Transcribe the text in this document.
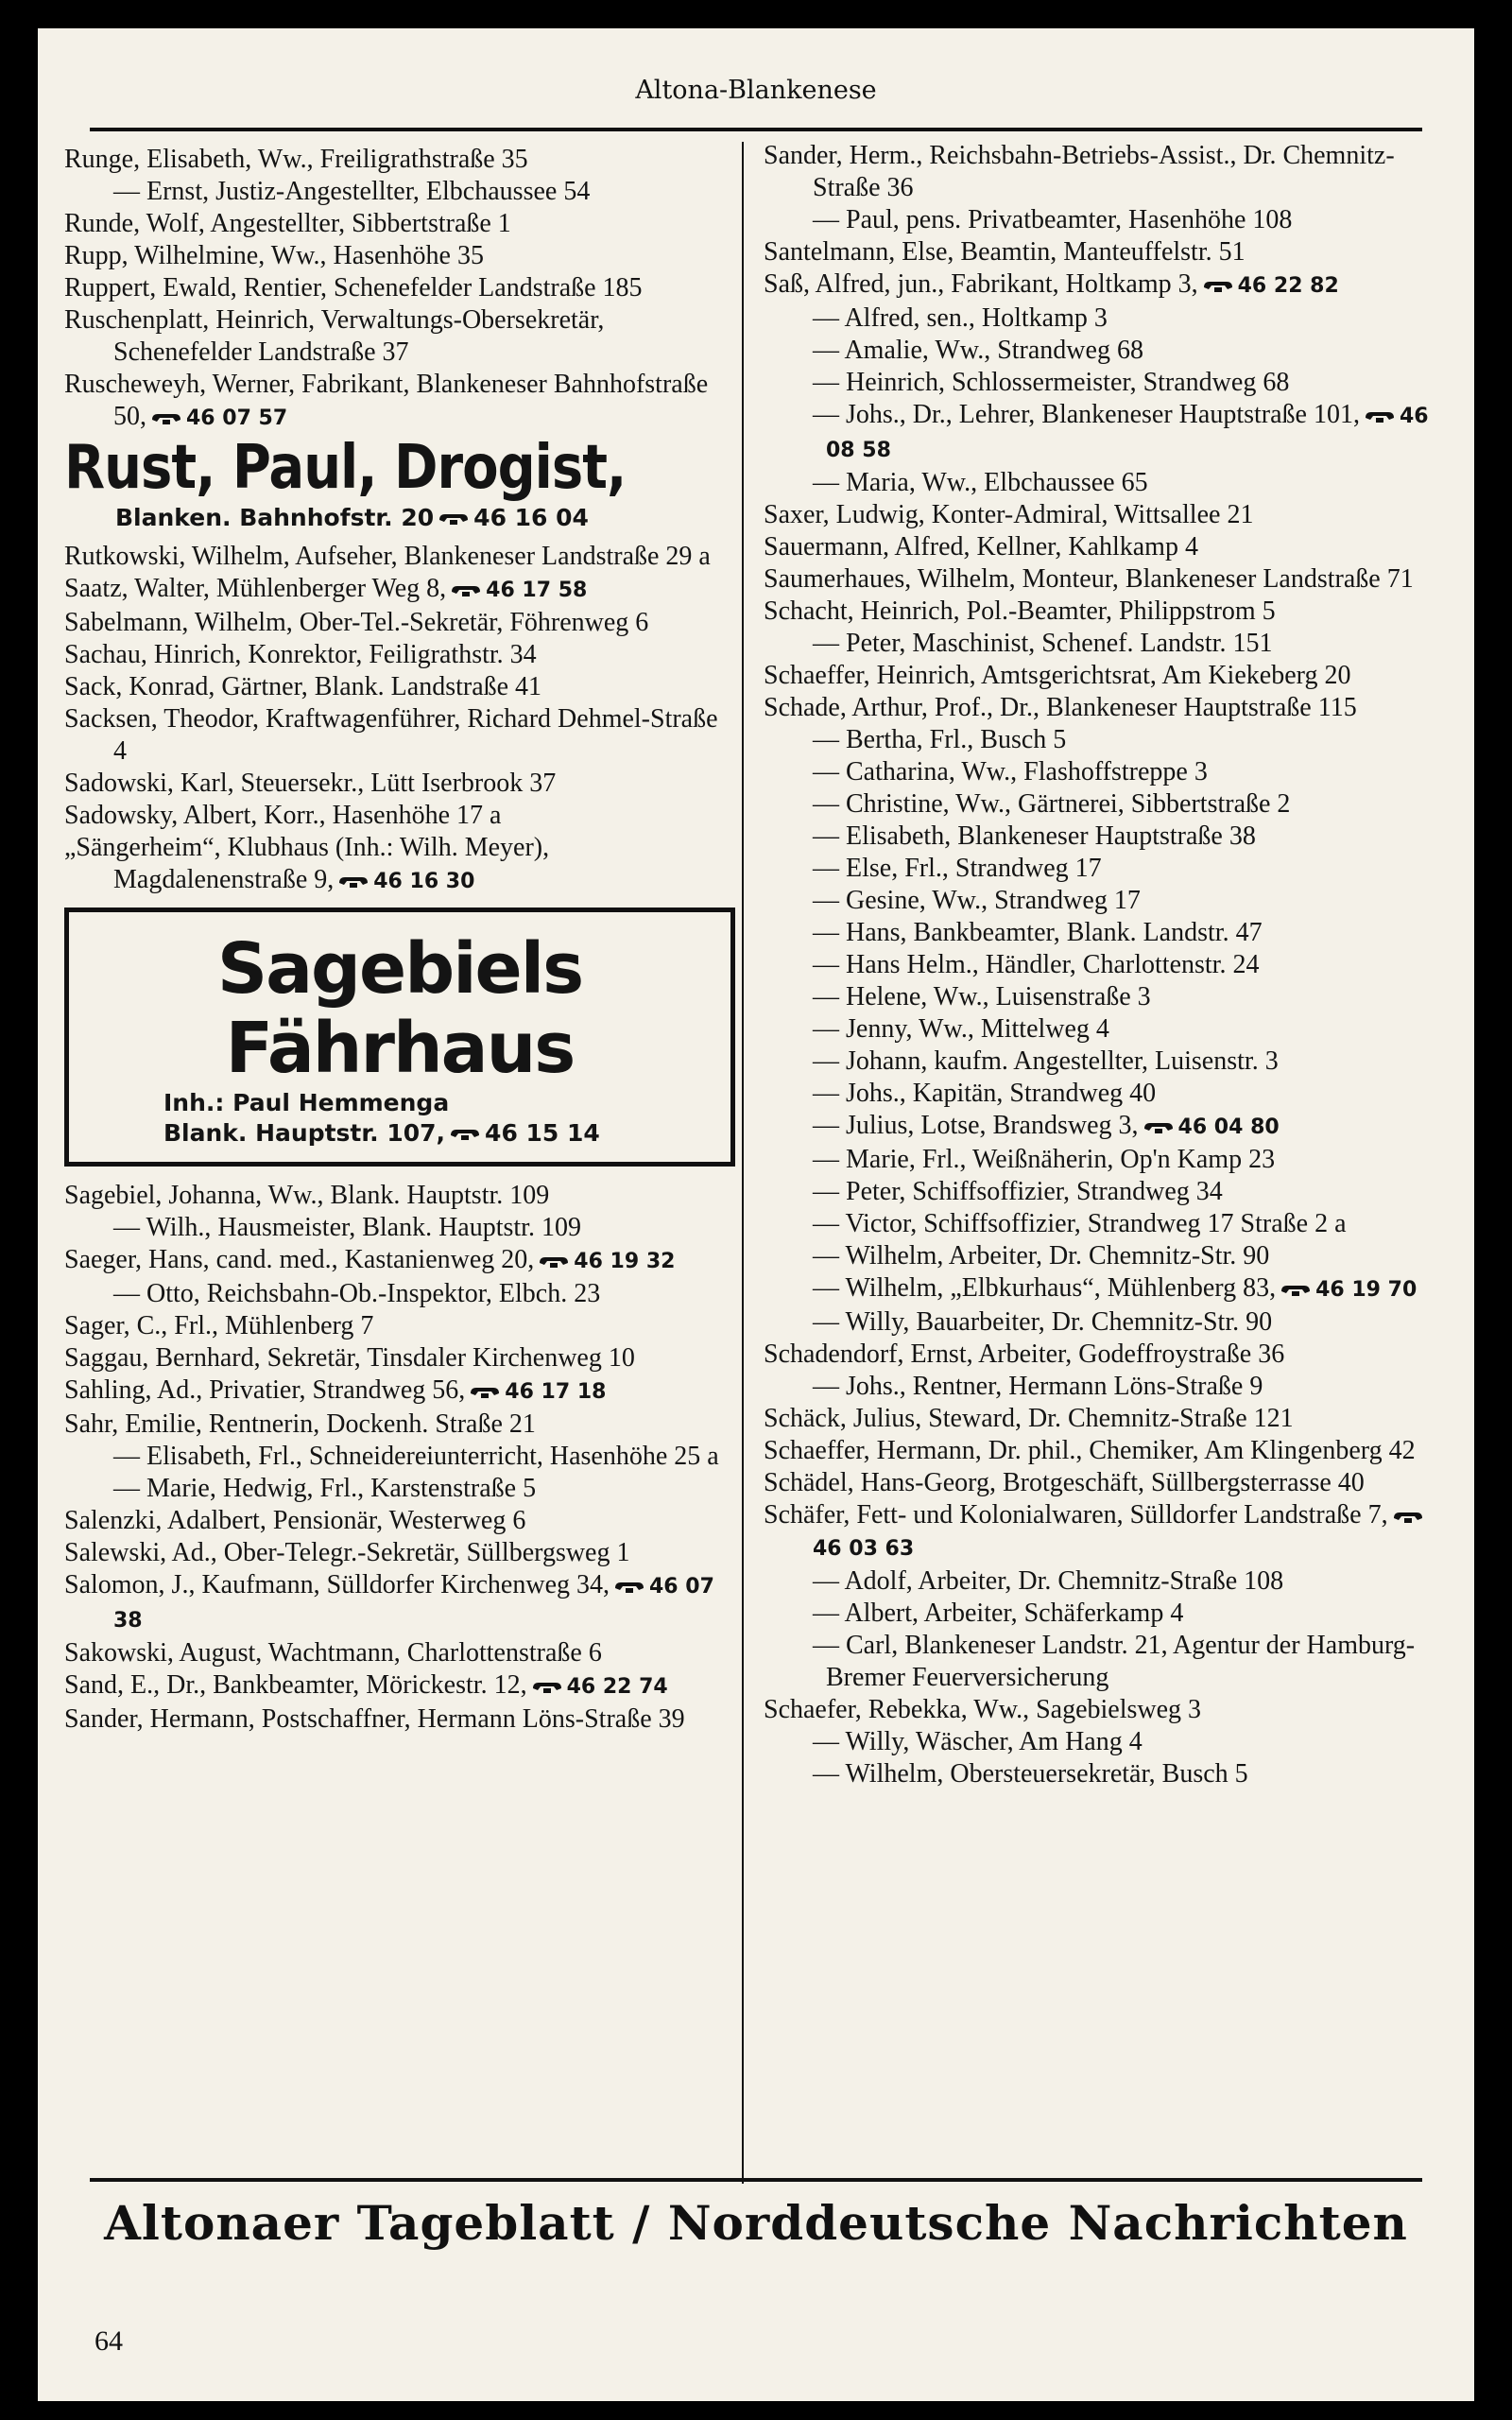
Altona-Blankenese

Runge, Elisabeth, Ww., Freiligrathstraße 35

— Ernst, Justiz-Angestellter, Elbchaussee 54

Runde, Wolf, Angestellter, Sibbertstraße 1

Rupp, Wilhelmine, Ww., Hasenhöhe 35

Ruppert, Ewald, Rentier, Schenefelder Landstraße 185

Ruschenplatt, Heinrich, Verwaltungs-Obersekretär, Schenefelder Landstraße 37

Ruscheweyh, Werner, Fabrikant, Blankeneser Bahnhofstraße 50, 46 07 57

Rust, Paul, Drogist,
Blanken. Bahnhofstr. 20 46 16 04

Rutkowski, Wilhelm, Aufseher, Blankeneser Landstraße 29 a

Saatz, Walter, Mühlenberger Weg 8, 46 17 58

Sabelmann, Wilhelm, Ober-Tel.-Sekretär, Föhrenweg 6

Sachau, Hinrich, Konrektor, Feiligrathstr. 34

Sack, Konrad, Gärtner, Blank. Landstraße 41

Sacksen, Theodor, Kraftwagenführer, Richard Dehmel-Straße 4

Sadowski, Karl, Steuersekr., Lütt Iserbrook 37

Sadowsky, Albert, Korr., Hasenhöhe 17 a

„Sängerheim“, Klubhaus (Inh.: Wilh. Meyer), Magdalenenstraße 9, 46 16 30

Sagebiels Fährhaus
Inh.: Paul Hemmenga
Blank. Hauptstr. 107, 46 15 14

Sagebiel, Johanna, Ww., Blank. Hauptstr. 109

— Wilh., Hausmeister, Blank. Hauptstr. 109

Saeger, Hans, cand. med., Kastanienweg 20, 46 19 32

— Otto, Reichsbahn-Ob.-Inspektor, Elbch. 23

Sager, C., Frl., Mühlenberg 7

Saggau, Bernhard, Sekretär, Tinsdaler Kirchenweg 10

Sahling, Ad., Privatier, Strandweg 56, 46 17 18

Sahr, Emilie, Rentnerin, Dockenh. Straße 21

— Elisabeth, Frl., Schneidereiunterricht, Hasenhöhe 25 a

— Marie, Hedwig, Frl., Karstenstraße 5

Salenzki, Adalbert, Pensionär, Westerweg 6

Salewski, Ad., Ober-Telegr.-Sekretär, Süllbergsweg 1

Salomon, J., Kaufmann, Sülldorfer Kirchenweg 34, 46 07 38

Sakowski, August, Wachtmann, Charlottenstraße 6

Sand, E., Dr., Bankbeamter, Mörickestr. 12, 46 22 74

Sander, Hermann, Postschaffner, Hermann Löns-Straße 39

Sander, Herm., Reichsbahn-Betriebs-Assist., Dr. Chemnitz-Straße 36

— Paul, pens. Privatbeamter, Hasenhöhe 108

Santelmann, Else, Beamtin, Manteuffelstr. 51

Saß, Alfred, jun., Fabrikant, Holtkamp 3, 46 22 82

— Alfred, sen., Holtkamp 3

— Amalie, Ww., Strandweg 68

— Heinrich, Schlossermeister, Strandweg 68

— Johs., Dr., Lehrer, Blankeneser Hauptstraße 101, 46 08 58

— Maria, Ww., Elbchaussee 65

Saxer, Ludwig, Konter-Admiral, Wittsallee 21

Sauermann, Alfred, Kellner, Kahlkamp 4

Saumerhaues, Wilhelm, Monteur, Blankeneser Landstraße 71

Schacht, Heinrich, Pol.-Beamter, Philippstrom 5

— Peter, Maschinist, Schenef. Landstr. 151

Schaeffer, Heinrich, Amtsgerichtsrat, Am Kiekeberg 20

Schade, Arthur, Prof., Dr., Blankeneser Hauptstraße 115

— Bertha, Frl., Busch 5

— Catharina, Ww., Flashoffstreppe 3

— Christine, Ww., Gärtnerei, Sibbertstraße 2

— Elisabeth, Blankeneser Hauptstraße 38

— Else, Frl., Strandweg 17

— Gesine, Ww., Strandweg 17

— Hans, Bankbeamter, Blank. Landstr. 47

— Hans Helm., Händler, Charlottenstr. 24

— Helene, Ww., Luisenstraße 3

— Jenny, Ww., Mittelweg 4

— Johann, kaufm. Angestellter, Luisenstr. 3

— Johs., Kapitän, Strandweg 40

— Julius, Lotse, Brandsweg 3, 46 04 80

— Marie, Frl., Weißnäherin, Op'n Kamp 23

— Peter, Schiffsoffizier, Strandweg 34

— Victor, Schiffsoffizier, Strandweg 17 Straße 2 a

— Wilhelm, Arbeiter, Dr. Chemnitz-Str. 90

— Wilhelm, „Elbkurhaus“, Mühlenberg 83, 46 19 70

— Willy, Bauarbeiter, Dr. Chemnitz-Str. 90

Schadendorf, Ernst, Arbeiter, Godeffroystraße 36

— Johs., Rentner, Hermann Löns-Straße 9

Schäck, Julius, Steward, Dr. Chemnitz-Straße 121

Schaeffer, Hermann, Dr. phil., Chemiker, Am Klingenberg 42

Schädel, Hans-Georg, Brotgeschäft, Süllbergsterrasse 40

Schäfer, Fett- und Kolonialwaren, Sülldorfer Landstraße 7,46 03 63

— Adolf, Arbeiter, Dr. Chemnitz-Straße 108

— Albert, Arbeiter, Schäferkamp 4

— Carl, Blankeneser Landstr. 21, Agentur der Hamburg-Bremer Feuerversicherung

Schaefer, Rebekka, Ww., Sagebielsweg 3

— Willy, Wäscher, Am Hang 4

— Wilhelm, Obersteuersekretär, Busch 5

Altonaer Tageblatt / Norddeutsche Nachrichten
64
